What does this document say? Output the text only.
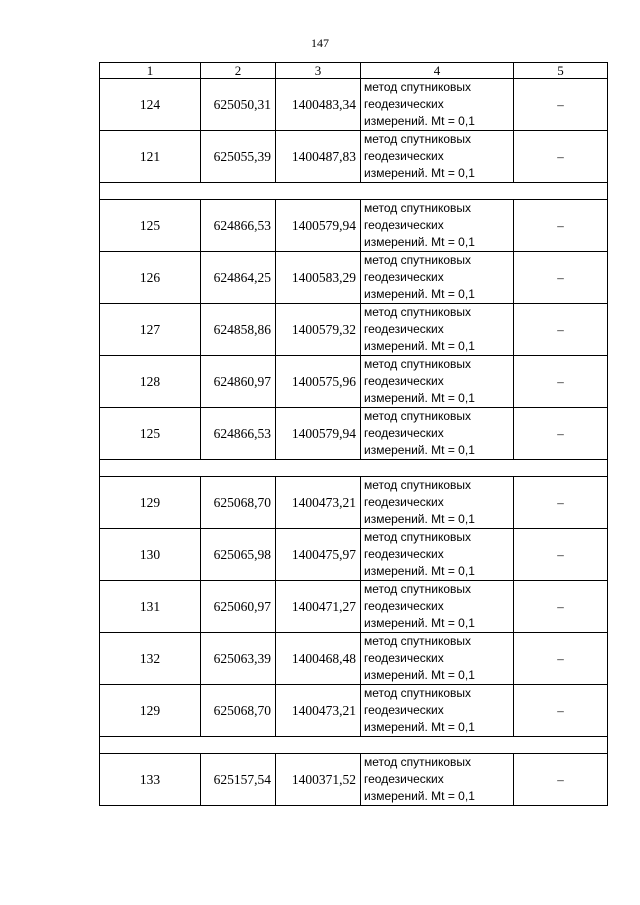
147
1	2	3	4	5
124	625050,31	1400483,34	метод спутниковых
геодезических
измерений. Mt = 0,1	–
121	625055,39	1400487,83	метод спутниковых
геодезических
измерений. Mt = 0,1	–

125	624866,53	1400579,94	метод спутниковых
геодезических
измерений. Mt = 0,1	–
126	624864,25	1400583,29	метод спутниковых
геодезических
измерений. Mt = 0,1	–
127	624858,86	1400579,32	метод спутниковых
геодезических
измерений. Mt = 0,1	–
128	624860,97	1400575,96	метод спутниковых
геодезических
измерений. Mt = 0,1	–
125	624866,53	1400579,94	метод спутниковых
геодезических
измерений. Mt = 0,1	–

129	625068,70	1400473,21	метод спутниковых
геодезических
измерений. Mt = 0,1	–
130	625065,98	1400475,97	метод спутниковых
геодезических
измерений. Mt = 0,1	–
131	625060,97	1400471,27	метод спутниковых
геодезических
измерений. Mt = 0,1	–
132	625063,39	1400468,48	метод спутниковых
геодезических
измерений. Mt = 0,1	–
129	625068,70	1400473,21	метод спутниковых
геодезических
измерений. Mt = 0,1	–

133	625157,54	1400371,52	метод спутниковых
геодезических
измерений. Mt = 0,1	–
